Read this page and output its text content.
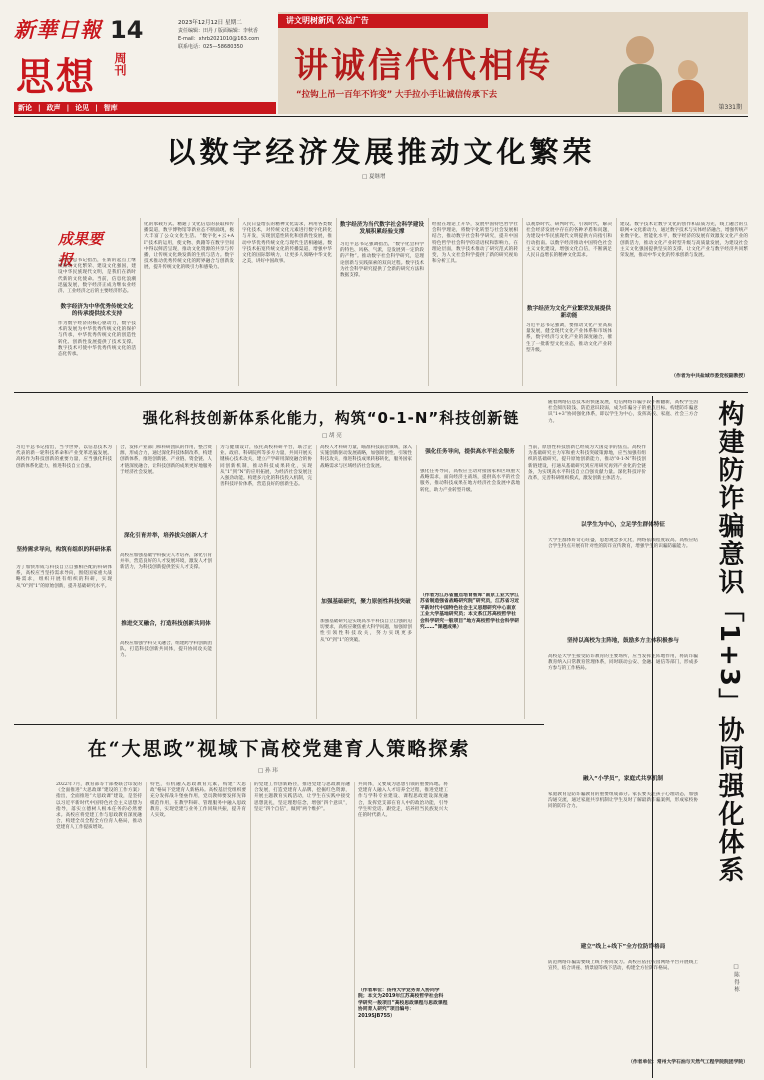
新華日報 14
思想 周刊
2023年12月12日 星期二
责任编辑：田丹 / 版面编辑：李秋香
E-mail：xhrb2021010@163.com
联系电话：025—58680350
新论 | 政声 | 论见 | 智库
讲文明树新风 公益广告
讲诚信代代相传
“拉钩上吊一百年不许变” 大手拉小手让诚信传承下去
第331期
以数字经济发展推动文化繁荣
□ 夏继增
成果要报
习近平总书记指出，在新的起点上继续推动文化繁荣、建设文化强国，建设中华民族现代文明，是我们在新时代新的文化使命。当前，信息化浪潮迅猛发展，数字经济正成为继农业经济、工业经济之后的主要经济形态。
数字经济为中华优秀传统文化的传承提供技术支持
作为数字经济的核心驱动力，数字技术的发展为中华优秀传统文化的保护与传承，中华优秀传统文化的创造性转化、创新性发展提供了技术支撑。数字技术可使中华优秀传统文化的活态化传承。
化的承载方式。精通了文化信息的获取和传播渠道，数字博物馆等新业态不断涌现，极大丰富了公众文化生活。“数字化+云+AI”技术的运用，使文物、典籍等在数字空间中得以鲜活呈现，推动文化资源的共享与传播，让传统文化焕发新的生机与活力。数字技术推动优秀传统文化的跨界融合与创新发展，提升传统文化的吸引力和感染力。
人民日益增长的精神文化需求，利用各类数字化技术，对传统文化元素进行数字化转化与开发，实现创造性转化和创新性发展，推动中华优秀传统文化与现代生活相融通。数字技术拓宽传统文化的传播渠道，增强中华文化的国际影响力，让更多人领略中华文化之美，讲好中国故事。
数字经济为当代数字社会科学建设发展积累经验支撑
习近平总书记强调指出，“数字化会科学的特色、风格、气派，是发展到一定阶段的产物”。推动数字社会科学研究，是理论创新与实践探索的双向过程。数字技术为社会科学研究提供了全新的研究方法和数据支撑。
经验在理论上升华，发展中国特色哲学社会科学理论，将数字化转型与社会发展相结合，推动数字社会科学研究，提升中国特色哲学社会科学的话语权和影响力。在理论层面，数字技术推动了研究范式的转变，为人文社会科学提供了新的研究视角和分析工具。
以观察时代、研判时代、引领时代，解决社会经济发展中存在的各种矛盾和问题，为建设中华民族现代文明提供方向指引和行动指南。以数字经济推动中国特色社会主义文化建设，增强文化自信，不断满足人民日益增长的精神文化需求。
数字经济为文化产业繁荣发展提供新动能
习近平总书记强调，要推动文化产业高质量发展，健全现代文化产业体系和市场体系，数字经济与文化产业的深度融合，催生了一批新型文化业态，推动文化产业转型升级。
建设。数字技术让数字文化的创作和品质为先，线上融合的互联网+文化新动力，通过数字技术与实体经济融合，增强传统产业数字化、智能化水平，数字经济的发展有效激发文化产业的创新活力，推动文化产业转型升级与高质量发展，为建设社会主义文化强国提供坚实的支撑，让文化产业与数字经济共同繁荣发展，推动中华文化的传承创新与发展。
（作者为中共盐城市委党校副教授）
强化科技创新体系化能力，构筑“0-1-N”科技创新链
□ 胡 亮
习近平总书记指出，当今世界，以信息技术为代表的新一轮科技革命和产业变革迅猛发展。高校作为科技创新的重要力量，应当强化科技创新体系化能力，推进科技自立自强。
坚持需求导向，构筑有组织的科研体系
为了加快形成与科技自立自强相匹配的科研体系，高校应当坚持需求导向，围绕国家重大战略需求，组织开展有组织的科研，实现从“0”到“1”的原始创新，提升基础研究水平。
合，发挥产业部门和科研团队的作用，整合资源，形成合力，通过深化科技体制改革，构建创新体系，推进创新链、产业链、资金链、人才链深度融合，让科技创新的成果更好地服务于经济社会发展。
深化引育并举，培养拔尖创新人才
高校应加强基础学科拔尖人才培养，深化引育并举，营造良好的人才发展环境，激发人才创新活力，为科技创新提供坚实人才支撑。
推进交叉融合，打造科技创新共同体
高校应加强学科交叉融合，组建跨学科创新团队，打造科技创新共同体，提升协同攻关能力。
为与健康设计，依托高校科研平台，联合企业、政府、科研院所等多方力量，共同开展关键核心技术攻关，建立产学研用深度融合的协同创新机制，推动科技成果转化，实现从“1”到“N”的应用拓展，为经济社会发展注入强劲动能。构建多元化的科技投入机制，完善科技评价体系，营造良好的创新生态。
高校人才科研力量，瞄准科技前沿领域，深入实施创新驱动发展战略，加强原创性、引领性科技攻关，推进科技成果转移转化，服务国家战略需求与区域经济社会发展。
加强基础研究，聚力原创性科技突破
加强基础研究是实现高水平科技自立自强的迫切要求，高校应聚焦重大科学问题，加强原创性引领性科技攻关，努力实现更多从“0”到“1”的突破。
强化任务导向，提供高水平社会服务
强化任务导向，高校应主动对接国家和区域重大战略需求，面向经济主战场，提供高水平的社会服务，推动科技成果在地方经济社会发展中落地转化，助力产业转型升级。
（作者为江苏省重点培育智库“南京工业大学江苏省制造强省战略研究院”研究员，江苏省习近平新时代中国特色社会主义思想研究中心南京工业大学基地研究员；本文系江苏高校哲学社会科学研究一般项目“地方高校哲学社会科学研究……”课题成果）
当前，原创性科技创新已经成为大国竞争的焦点。高校作为基础研究主力军和重大科技突破策源地，应当加强有组织的基础研究，提升原始创新能力，推动“0-1-N”科技创新链建设，打通从基础研究到应用研究再到产业化的全链条，为实现高水平科技自立自强贡献力量。深化科技评价改革，完善科研组织模式，激发创新主体活力。	构建防诈骗意识「1+3」协同强化体系
□ 陈 得 栋
随着网络信息技术的快速发展，电信网络诈骗手段不断翻新，高校学生因社会阅历较浅、防范意识较弱，成为诈骗分子的重点目标。构建防诈骗意识“1+3”协同强化体系，即以学生为中心，发挥高校、家庭、社会三方合力。
以学生为中心，立足学生群体特征
大学生群体好奇心旺盛，思想观念多元化，网络依赖程度较高。高校应结合学生特点开展有针对性的防诈宣传教育，增强学生的识骗防骗能力。
坚持以高校为主阵地，鼓励多方主体积极参与
高校是大学生接受防诈教育的主要场所，应当发挥主阵地作用，将防诈骗教育纳入日常教育管理体系，同时联动公安、金融、通信等部门，形成多方参与的工作格局。
融入“小学员”，家庭式共享机制
家庭教育是防诈骗教育的重要组成部分。家长要关注孩子心理动态，加强沟通交流，通过家庭共享机制让学生及时了解最新诈骗案例，形成家校协同的防诈合力。
建立“线上+线下”全方位防诈格局
防范网络诈骗需要线上线下协同发力。高校应依托校园网络平台开展线上宣传，结合讲座、情景剧等线下活动，构建全方位防诈格局。
（作者单位：常州大学石油与天然气工程学院院团学院）
在“大思政”视域下高校党建育人策略探索
□ 孙 玮
2022年7月，教育部等十部委联合印发的《全面推进“大思政课”建设的工作方案》指出，全面推进“大思政课”建设，是坚持以习近平新时代中国特色社会主义思想为指导，落实立德树人根本任务的必然要求。高校应将党建工作与思政教育深度融合，构建全员全程全方位育人格局，推动党建育人工作提质增效。
特色，有机融入思政教育元素，构建“大思政”格局下党建育人新格局。高校基层党组织要充分发挥战斗堡垒作用，党员教师要发挥先锋模范作用，在教学科研、管理服务中融入思政教育，实现党建与业务工作同频共振，提升育人实效。
的党建工作创新路径，推进党建与思政教育融合发展，打造党建育人品牌，挖掘红色资源，开展主题教育实践活动，让学生在实践中接受思想洗礼，坚定理想信念，增强“四个意识”，坚定“四个自信”，做到“两个维护”。
共同体，又要成为思想引领的重要阵地。将党建育人融入人才培养全过程，推进党建工作与学科专业建设、课程思政建设深度融合，发挥党支部在育人中的政治功能，引导学生听党话、跟党走，培养担当民族复兴大任的时代新人。
（作者单位：扬州大学党务育人协同学院；本文为2019年江苏高校哲学社会科学研究一般项目“高校思政课程与思政课程协同育人研究”项目编号：2019SJB755）
